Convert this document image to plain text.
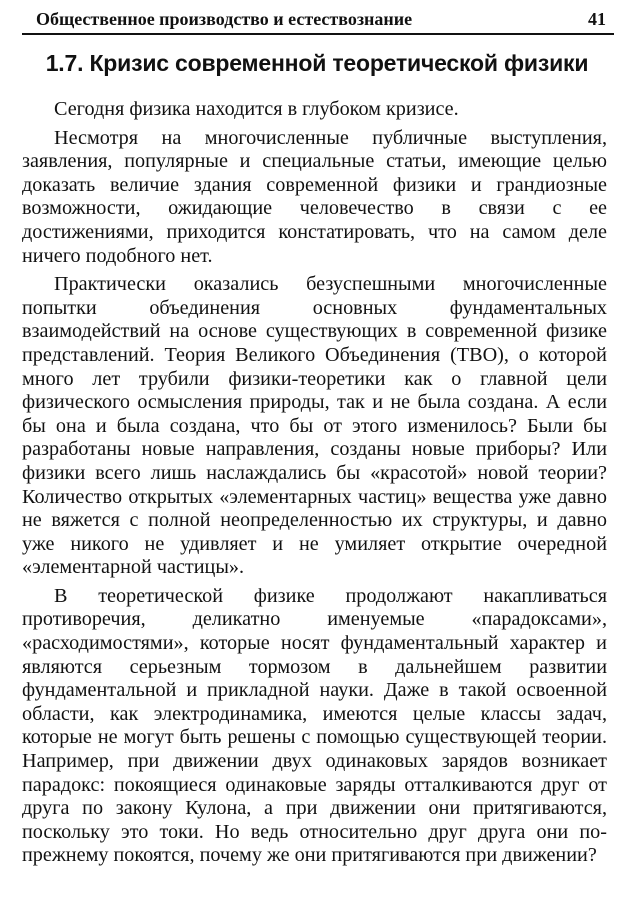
Общественное производство и естествознание	41
1.7. Кризис современной теоретической физики

Сегодня физика находится в глубоком кризисе.

Несмотря на многочисленные публичные выступления, заявления, популярные и специальные статьи, имеющие целью доказать величие здания современной физики и грандиозные возможности, ожидающие человечество в связи с ее достижениями, приходится констатировать, что на самом деле ничего подобного нет.

Практически оказались безуспешными многочисленные попытки объединения основных фундаментальных взаимодействий на основе существующих в современной физике представлений. Теория Великого Объединения (ТВО), о которой много лет трубили физики-теоретики как о главной цели физического осмысления природы, так и не была создана. А если бы она и была создана, что бы от этого изменилось? Были бы разработаны новые направления, созданы новые приборы? Или физики всего лишь наслаждались бы «красотой» новой теории? Количество открытых «элементарных частиц» вещества уже давно не вяжется с полной неопределенностью их структуры, и давно уже никого не удивляет и не умиляет открытие очередной «элементарной частицы».

В теоретической физике продолжают накапливаться противоречия, деликатно именуемые «парадоксами», «расходимостями», которые носят фундаментальный характер и являются серьезным тормозом в дальнейшем развитии фундаментальной и прикладной науки. Даже в такой освоенной области, как электродинамика, имеются целые классы задач, которые не могут быть решены с помощью существующей теории. Например, при движении двух одинаковых зарядов возникает парадокс: покоящиеся одинаковые заряды отталкиваются друг от друга по закону Кулона, а при движении они притягиваются, поскольку это токи. Но ведь относительно друг друга они по-прежнему покоятся, почему же они притягиваются при движении?
